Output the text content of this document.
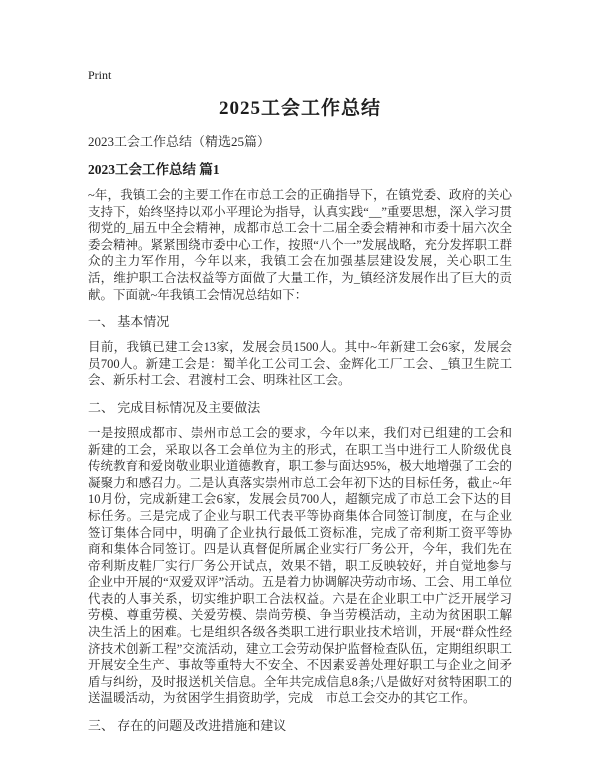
Print
2025工会工作总结

2023工会工作总结（精选25篇）

2023工会工作总结 篇1

~年，我镇工会的主要工作在市总工会的正确指导下，在镇党委、政府的关心支持下，始终坚持以邓小平理论为指导，认真实践“__”重要思想，深入学习贯彻党的_届五中全会精神，成都市总工会十二届全委会精神和市委十届六次全委会精神。紧紧围绕市委中心工作，按照“八个一”发展战略，充分发挥职工群众的主力军作用，今年以来，我镇工会在加强基层建设发展，关心职工生活，维护职工合法权益等方面做了大量工作，为_镇经济发展作出了巨大的贡献。下面就~年我镇工会情况总结如下：

一、 基本情况

目前，我镇已建工会13家，发展会员1500人。其中~年新建工会6家，发展会员700人。新建工会是：蜀羊化工公司工会、金辉化工厂工会、_镇卫生院工会、新乐村工会、君渡村工会、明珠社区工会。

二、 完成目标情况及主要做法

一是按照成都市、崇州市总工会的要求，今年以来，我们对已组建的工会和新建的工会，采取以各工会单位为主的形式，在职工当中进行工人阶级优良传统教育和爱岗敬业职业道德教育，职工参与面达95%，极大地增强了工会的凝聚力和感召力。二是认真落实崇州市总工会年初下达的目标任务，截止~年10月份，完成新建工会6家，发展会员700人，超额完成了市总工会下达的目标任务。三是完成了企业与职工代表平等协商集体合同签订制度，在与企业签订集体合同中，明确了企业执行最低工资标准，完成了帝利斯工资平等协商和集体合同签订。四是认真督促所属企业实行厂务公开，今年，我们先在帝利斯皮鞋厂实行厂务公开试点，效果不错，职工反映较好，并自觉地参与企业中开展的“双爱双评”活动。五是着力协调解决劳动市场、工会、用工单位代表的人事关系，切实维护职工合法权益。六是在企业职工中广泛开展学习劳模、尊重劳模、关爱劳模、崇尚劳模、争当劳模活动，主动为贫困职工解决生活上的困难。七是组织各级各类职工进行职业技术培训，开展“群众性经济技术创新工程”交流活动，建立工会劳动保护监督检查队伍，定期组织职工开展安全生产、事故等重特大不安全、不因素妥善处理好职工与企业之间矛盾与纠纷，及时报送机关信息。全年共完成信息8条;八是做好对贫特困职工的送温暖活动，为贫困学生捐资助学，完成　市总工会交办的其它工作。

三、 存在的问题及改进措施和建议
